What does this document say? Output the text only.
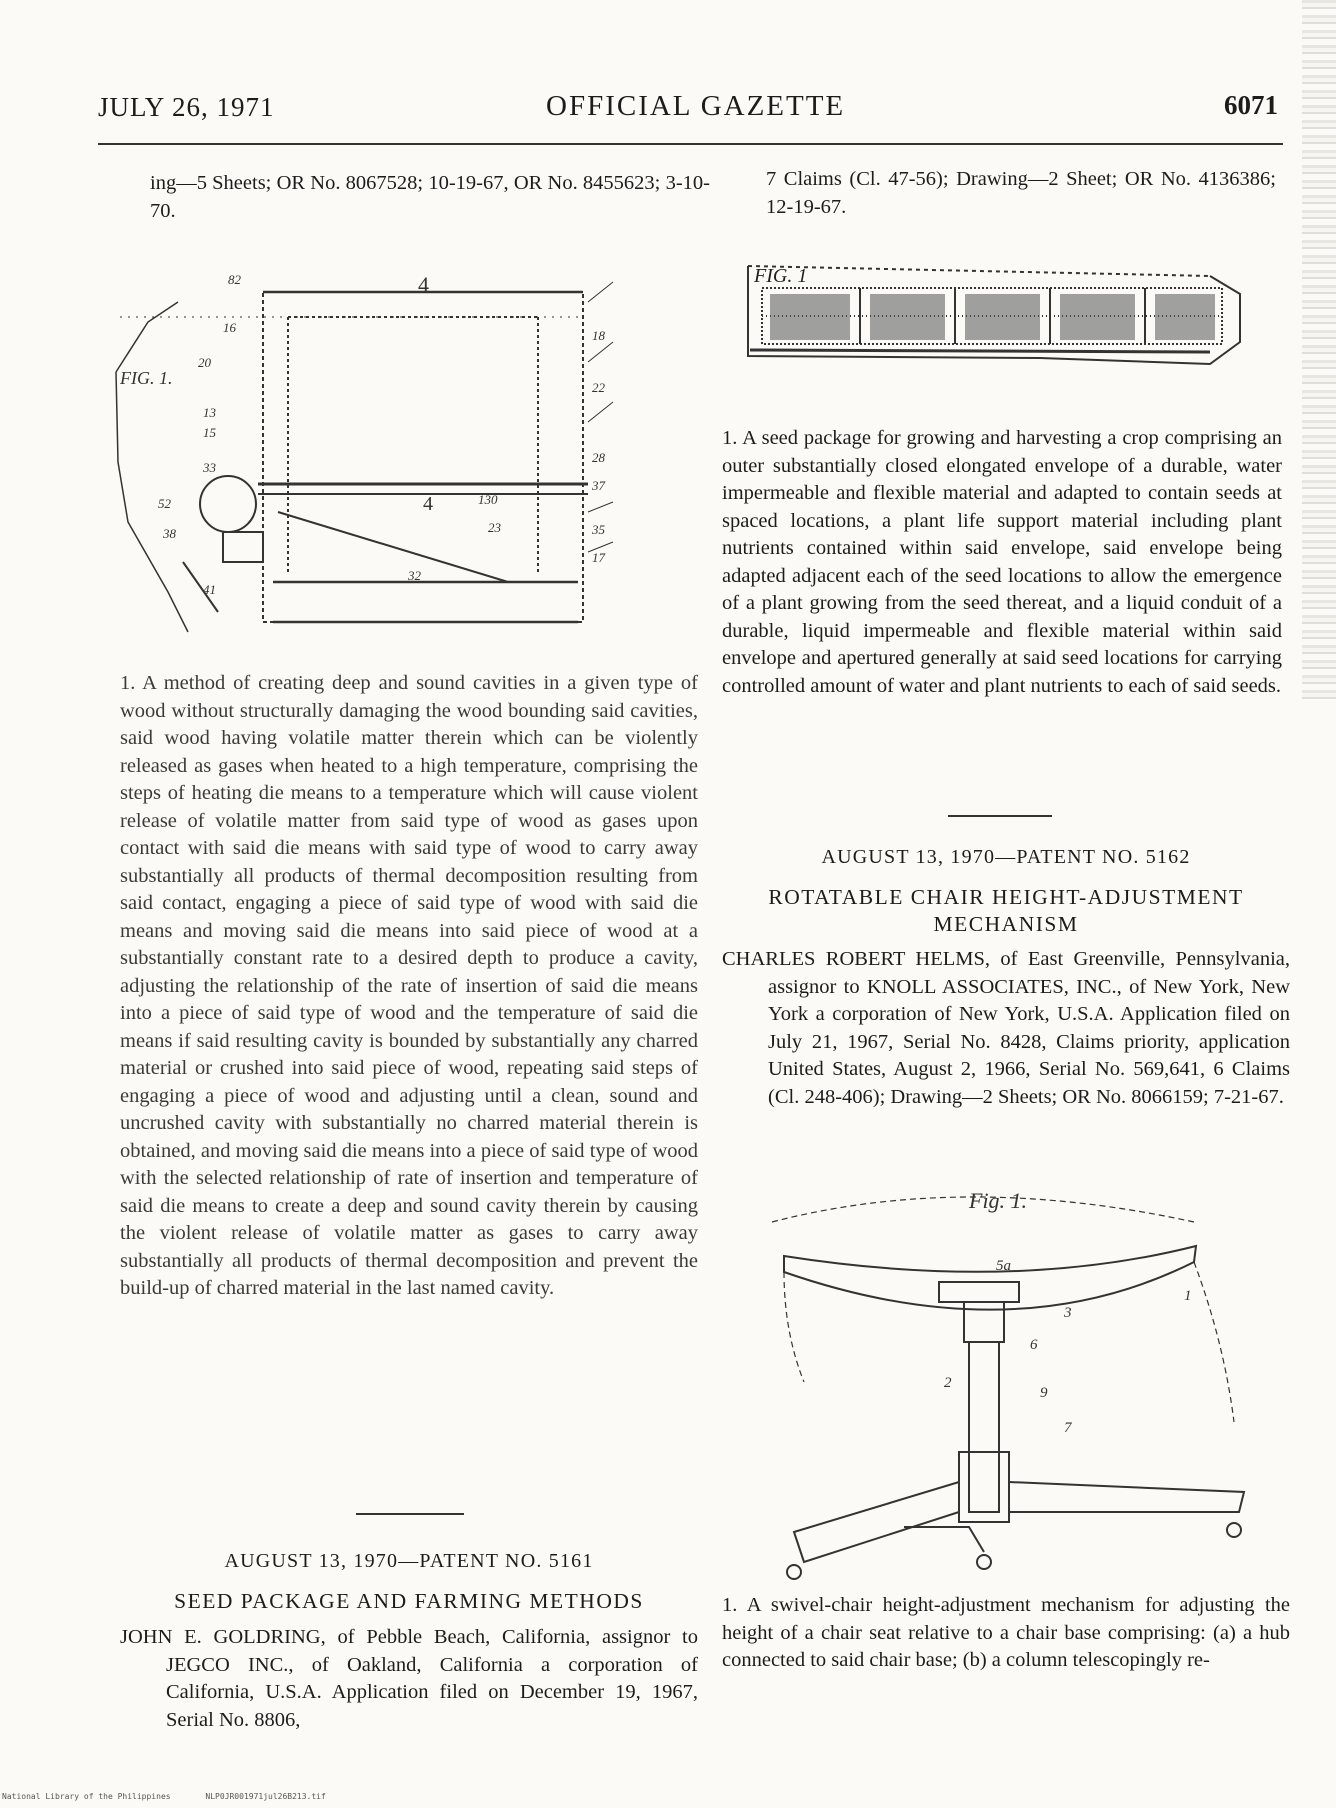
JULY 26, 1971	OFFICIAL GAZETTE	6071

ing—5 Sheets; OR No. 8067528; 10-19-67, OR No. 8455623; 3-10-70.

FIG. 1.
82	4
16
18
20
22
13
15
33
52
38
41
28
37
17
4	130
32
23	35

1. A method of creating deep and sound cavities in a given type of wood without structurally damaging the wood bounding said cavities, said wood having volatile matter therein which can be violently released as gases when heated to a high temperature, comprising the steps of heating die means to a temperature which will cause violent release of volatile matter from said type of wood as gases upon contact with said die means with said type of wood to carry away substantially all products of thermal decomposition resulting from said contact, engaging a piece of said type of wood with said die means and moving said die means into said piece of wood at a substantially constant rate to a desired depth to produce a cavity, adjusting the relationship of the rate of insertion of said die means into a piece of said type of wood and the temperature of said die means if said resulting cavity is bounded by substantially any charred material or crushed into said piece of wood, repeating said steps of engaging a piece of wood and adjusting until a clean, sound and uncrushed cavity with substantially no charred material therein is obtained, and moving said die means into a piece of said type of wood with the selected relationship of rate of insertion and temperature of said die means to create a deep and sound cavity therein by causing the violent release of volatile matter as gases to carry away substantially all products of thermal decomposition and prevent the build-up of charred material in the last named cavity.

AUGUST 13, 1970—PATENT NO. 5161
SEED PACKAGE AND FARMING METHODS

JOHN E. GOLDRING, of Pebble Beach, California, assignor to JEGCO INC., of Oakland, California a corporation of California, U.S.A. Application filed on December 19, 1967, Serial No. 8806,

7 Claims (Cl. 47-56); Drawing—2 Sheet; OR No. 4136386; 12-19-67.

FIG. 1

1. A seed package for growing and harvesting a crop comprising an outer substantially closed elongated envelope of a durable, water impermeable and flexible material and adapted to contain seeds at spaced locations, a plant life support material including plant nutrients contained within said envelope, said envelope being adapted adjacent each of the seed locations to allow the emergence of a plant growing from the seed thereat, and a liquid conduit of a durable, liquid impermeable and flexible material within said envelope and apertured generally at said seed locations for carrying controlled amount of water and plant nutrients to each of said seeds.

AUGUST 13, 1970—PATENT NO. 5162
ROTATABLE CHAIR HEIGHT-ADJUSTMENT
MECHANISM

CHARLES ROBERT HELMS, of East Greenville, Pennsylvania, assignor to KNOLL ASSOCIATES, INC., of New York, New York a corporation of New York, U.S.A. Application filed on July 21, 1967, Serial No. 8428, Claims priority, application United States, August 2, 1966, Serial No. 569,641, 6 Claims (Cl. 248-406); Drawing—2 Sheets; OR No. 8066159; 7-21-67.

Fig. 1.
5a
3
6
9
2
7
1

1. A swivel-chair height-adjustment mechanism for adjusting the height of a chair seat relative to a chair base comprising: (a) a hub connected to said chair base; (b) a column telescopingly re-

National Library of the Philippines	NLP0JR001971jul26B213.tif
